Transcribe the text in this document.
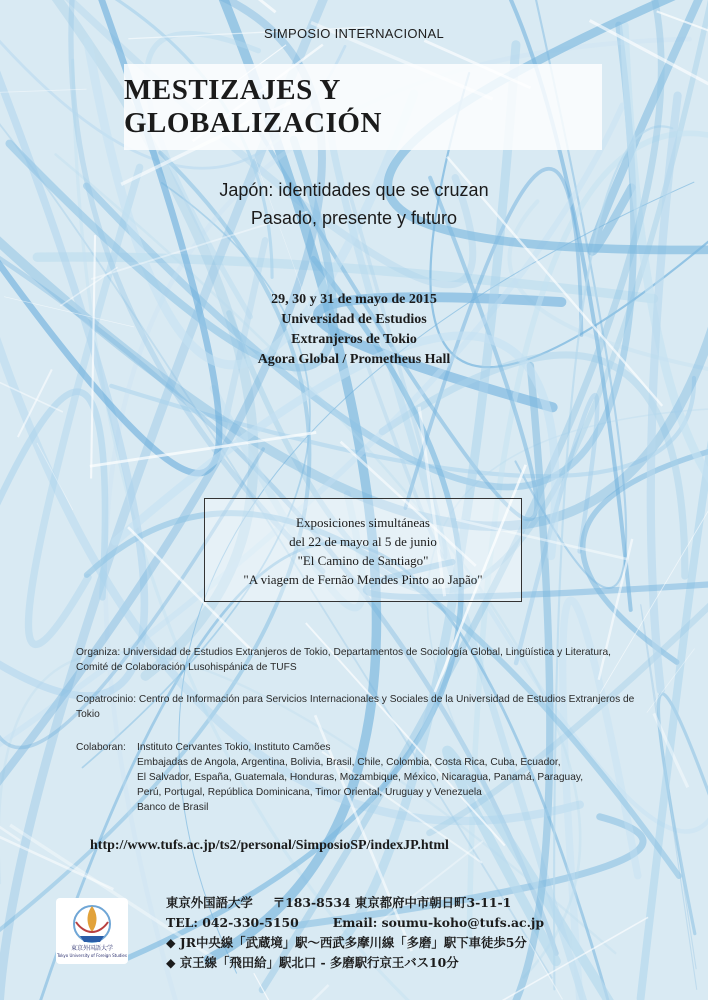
SIMPOSIO INTERNACIONAL
MESTIZAJES Y GLOBALIZACIÓN
Japón: identidades que se cruzan
Pasado, presente y futuro
29, 30 y 31 de mayo de 2015
Universidad de Estudios
Extranjeros de Tokio
Agora Global / Prometheus Hall
Exposiciones simultáneas
del 22 de mayo al 5 de junio
"El Camino de Santiago"
"A viagem de Fernão Mendes Pinto ao Japão"
Organiza: Universidad de Estudios Extranjeros de Tokio, Departamentos de Sociología Global, Lingüística y Literatura, Comité de Colaboración Lusohispánica de TUFS
Copatrocinio: Centro de Información para Servicios Internacionales y Sociales de la Universidad de Estudios Extranjeros de Tokio
Colaboran: Instituto Cervantes Tokio, Instituto Camões
Embajadas de Angola, Argentina, Bolivia, Brasil, Chile, Colombia, Costa Rica, Cuba, Ecuador,
El Salvador, España, Guatemala, Honduras, Mozambique, México, Nicaragua, Panamá, Paraguay,
Perú, Portugal, República Dominicana, Timor Oriental, Uruguay y Venezuela
Banco de Brasil
http://www.tufs.ac.jp/ts2/personal/SimposioSP/indexJP.html
東京外国語大学
Tokyo University of Foreign Studies
東京外国語大学 〒183-8534 東京都府中市朝日町3-11-1
TEL: 042-330-5150	Email: soumu-koho@tufs.ac.jp
◆ JR中央線「武蔵境」駅〜西武多摩川線「多磨」駅下車徒歩5分
◆ 京王線「飛田給」駅北口 - 多磨駅行京王バス10分
